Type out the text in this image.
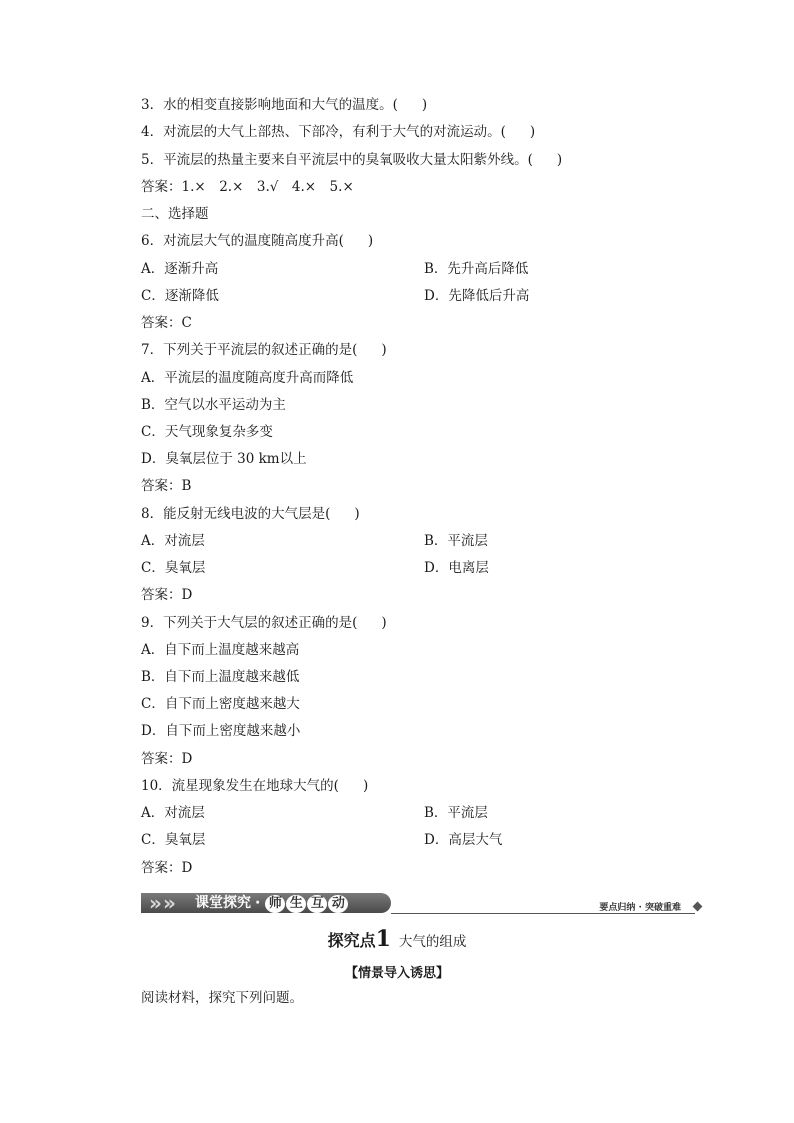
3．水的相变直接影响地面和大气的温度。( )
4．对流层的大气上部热、下部冷，有利于大气的对流运动。( )
5．平流层的热量主要来自平流层中的臭氧吸收大量太阳紫外线。( )
答案：1.×　2.×　3.√　4.×　5.×
二、选择题
6．对流层大气的温度随高度升高( )
A．逐渐升高	B．先升高后降低
C．逐渐降低	D．先降低后升高
答案：C
7．下列关于平流层的叙述正确的是( )
A．平流层的温度随高度升高而降低
B．空气以水平运动为主
C．天气现象复杂多变
D．臭氧层位于 30 km以上
答案：B
8．能反射无线电波的大气层是( )
A．对流层	B．平流层
C．臭氧层	D．电离层
答案：D
9．下列关于大气层的叙述正确的是( )
A．自下而上温度越来越高
B．自下而上温度越来越低
C．自下而上密度越来越大
D．自下而上密度越来越小
答案：D
10．流星现象发生在地球大气的( )
A．对流层	B．平流层
C．臭氧层	D．高层大气
答案：D
» » 课堂探究 · 师 生 互 动	要点归纳 · 突破重难
探究点1 大气的组成
【情景导入诱思】
阅读材料，探究下列问题。
